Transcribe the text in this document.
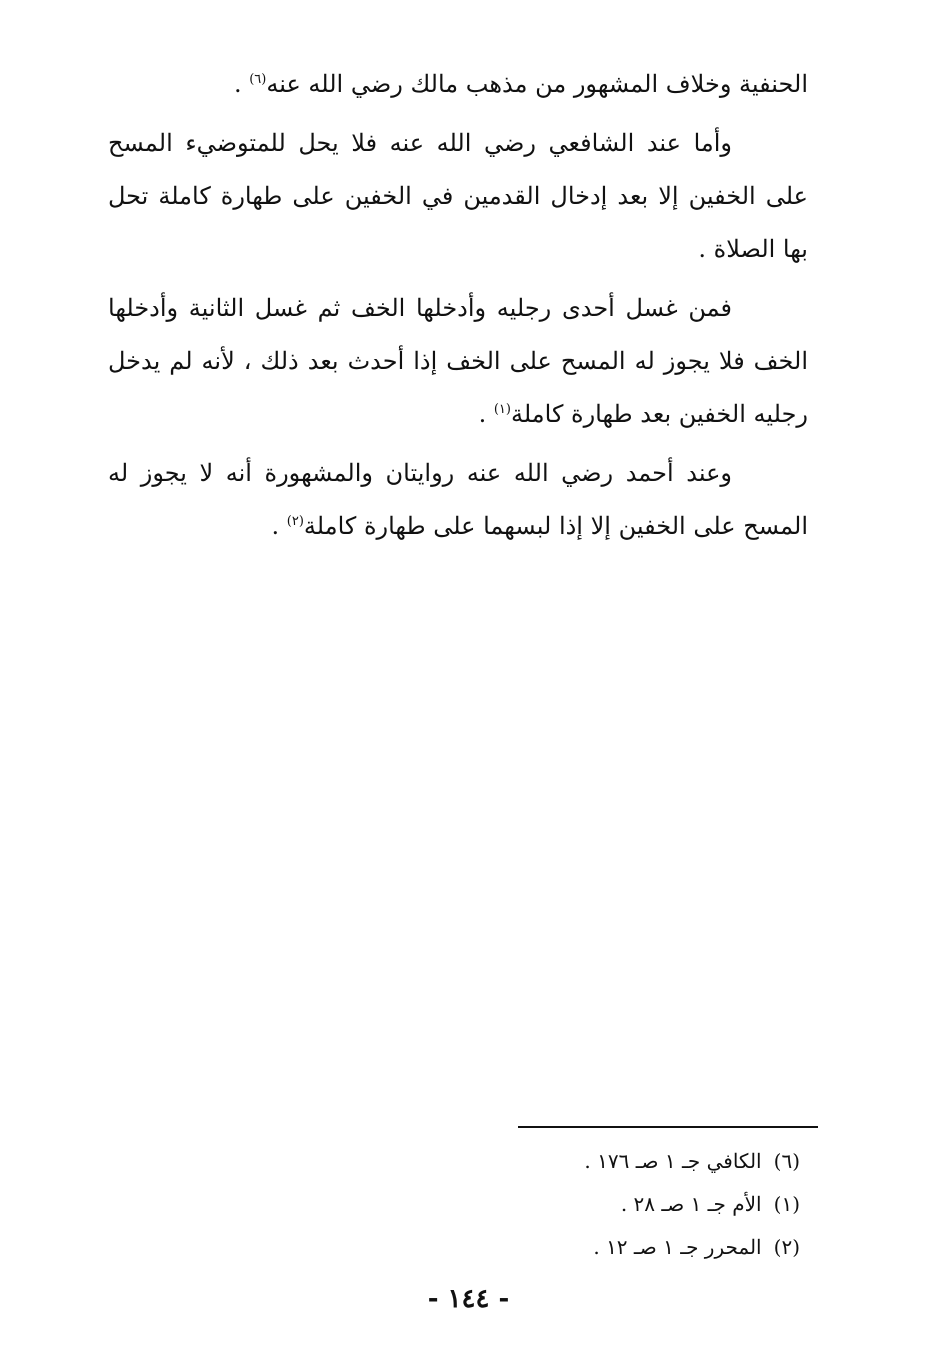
الحنفية وخلاف المشهور من مذهب مالك رضي الله عنه$^{(٦)}$ .

وأما عند الشافعي رضي الله عنه فلا يحل للمتوضيء المسح على الخفين إلا بعد إدخال القدمين في الخفين على طهارة كاملة تحل بها الصلاة .

فمن غسل أحدى رجليه وأدخلها الخف ثم غسل الثانية وأدخلها الخف فلا يجوز له المسح على الخف إذا أحدث بعد ذلك ، لأنه لم يدخل رجليه الخفين بعد طهارة كاملة$^{(١)}$ .

وعند أحمد رضي الله عنه روايتان والمشهورة أنه لا يجوز له المسح على الخفين إلا إذا لبسهما على طهارة كاملة$^{(٢)}$ .

(٦)الكافي جـ ١ صـ ١٧٦ .
(١)الأم جـ ١ صـ ٢٨ .
(٢)المحرر جـ ١ صـ ١٢ .
- ١٤٤ -
